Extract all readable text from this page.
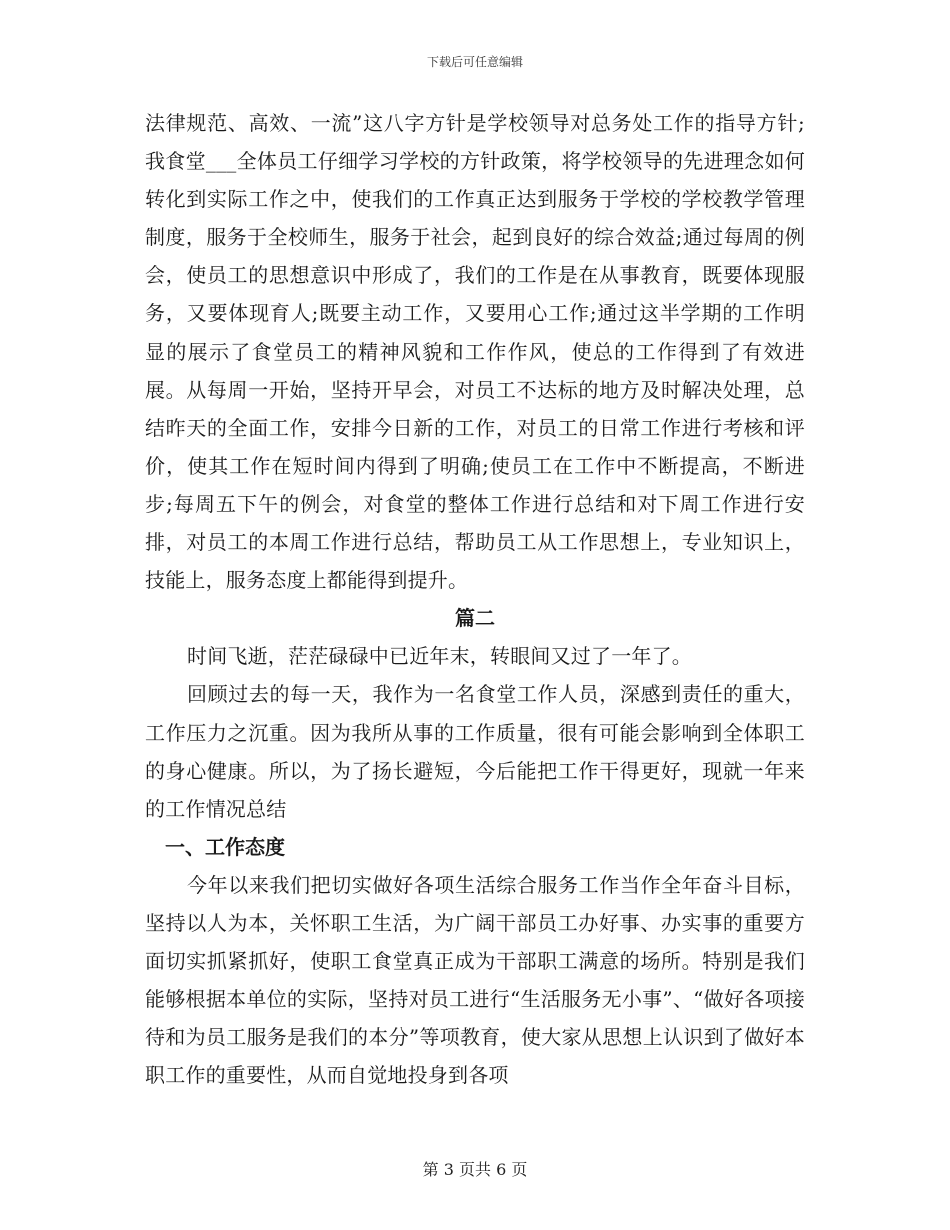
下载后可任意编辑

法律规范、高效、一流”这八字方针是学校领导对总务处工作的指导方针;我食堂___全体员工仔细学习学校的方针政策，将学校领导的先进理念如何转化到实际工作之中，使我们的工作真正达到服务于学校的学校教学管理制度，服务于全校师生，服务于社会，起到良好的综合效益;通过每周的例会，使员工的思想意识中形成了，我们的工作是在从事教育，既要体现服务，又要体现育人;既要主动工作，又要用心工作;通过这半学期的工作明显的展示了食堂员工的精神风貌和工作作风，使总的工作得到了有效进展。从每周一开始，坚持开早会，对员工不达标的地方及时解决处理，总结昨天的全面工作，安排今日新的工作，对员工的日常工作进行考核和评价，使其工作在短时间内得到了明确;使员工在工作中不断提高，不断进步;每周五下午的例会，对食堂的整体工作进行总结和对下周工作进行安排，对员工的本周工作进行总结，帮助员工从工作思想上，专业知识上，技能上，服务态度上都能得到提升。

篇二

时间飞逝，茫茫碌碌中已近年末，转眼间又过了一年了。

回顾过去的每一天，我作为一名食堂工作人员，深感到责任的重大，工作压力之沉重。因为我所从事的工作质量，很有可能会影响到全体职工的身心健康。所以，为了扬长避短，今后能把工作干得更好，现就一年来的工作情况总结

一、工作态度

今年以来我们把切实做好各项生活综合服务工作当作全年奋斗目标，坚持以人为本，关怀职工生活，为广阔干部员工办好事、办实事的重要方面切实抓紧抓好，使职工食堂真正成为干部职工满意的场所。特别是我们能够根据本单位的实际，坚持对员工进行“生活服务无小事”、“做好各项接待和为员工服务是我们的本分”等项教育，使大家从思想上认识到了做好本职工作的重要性，从而自觉地投身到各项

第 3 页共 6 页
